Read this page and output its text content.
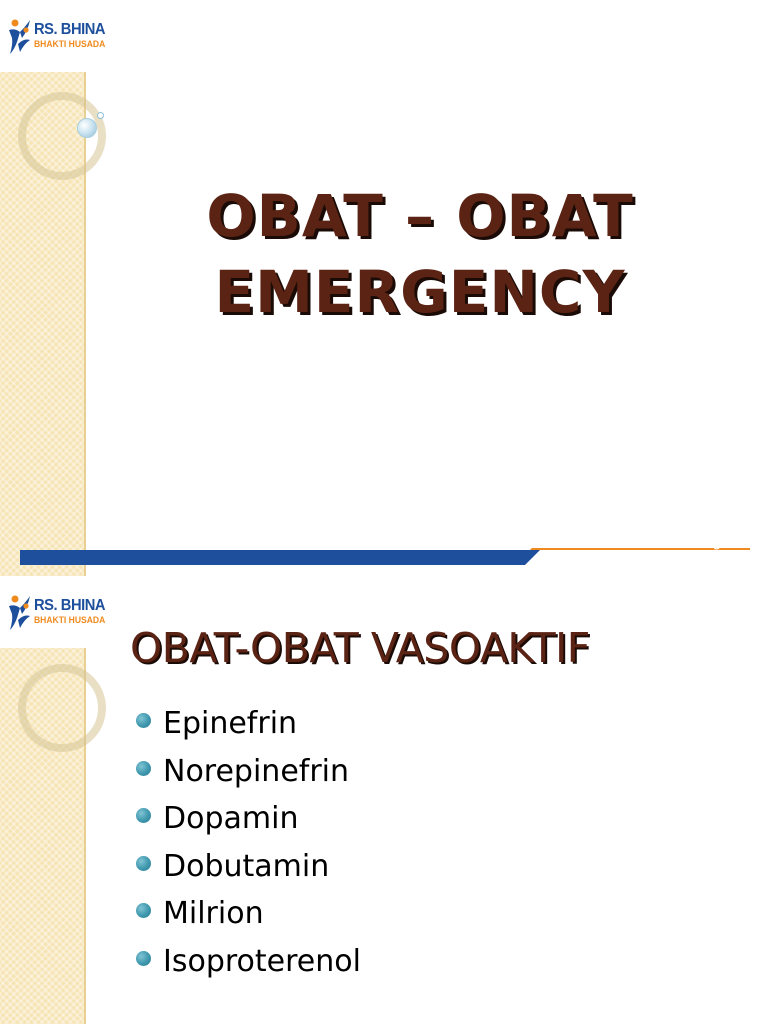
RS. BHINA
BHAKTI HUSADA
OBAT – OBAT
EMERGENCY
Solusi Sehat Untuk Keluarga
RS. BHINA
BHAKTI HUSADA
OBAT-OBAT VASOAKTIF
Epinefrin
Norepinefrin
Dopamin
Dobutamin
Milrion
Isoproterenol
